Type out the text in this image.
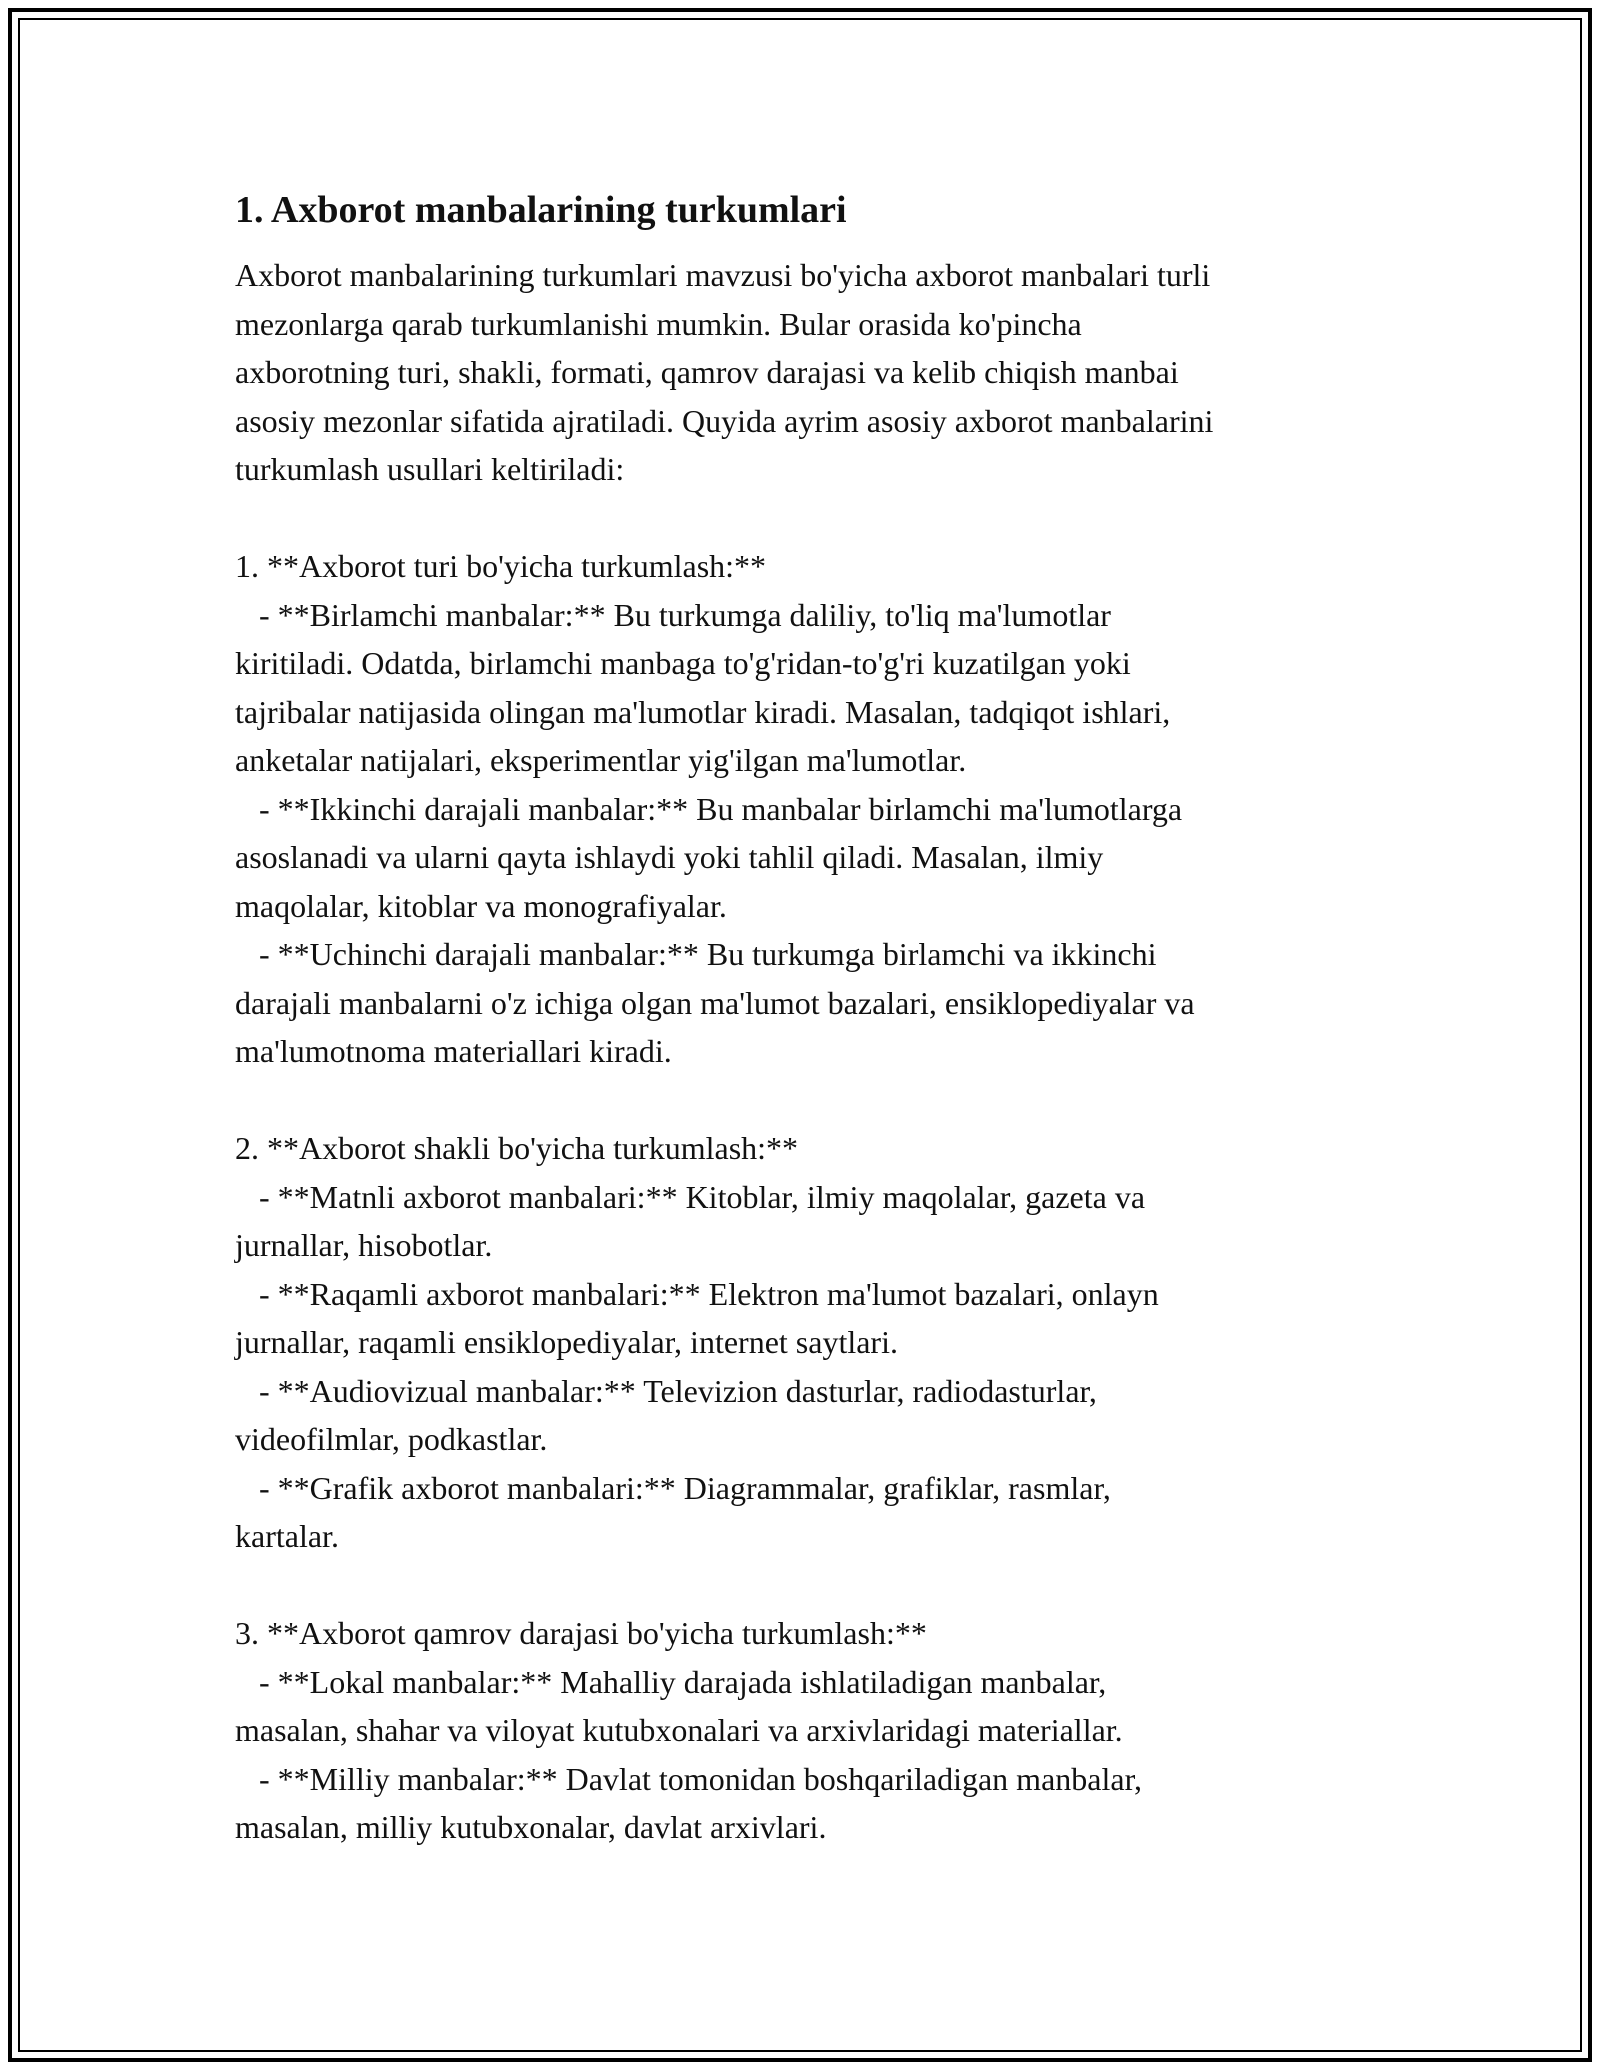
1. Axborot manbalarining turkumlari
Axborot manbalarining turkumlari mavzusi bo'yicha axborot manbalari turli
mezonlarga qarab turkumlanishi mumkin. Bular orasida ko'pincha
axborotning turi, shakli, formati, qamrov darajasi va kelib chiqish manbai
asosiy mezonlar sifatida ajratiladi. Quyida ayrim asosiy axborot manbalarini
turkumlash usullari keltiriladi:
1. **Axborot turi bo'yicha turkumlash:**
- **Birlamchi manbalar:** Bu turkumga daliliy, to'liq ma'lumotlar
kiritiladi. Odatda, birlamchi manbaga to'g'ridan-to'g'ri kuzatilgan yoki
tajribalar natijasida olingan ma'lumotlar kiradi. Masalan, tadqiqot ishlari,
anketalar natijalari, eksperimentlar yig'ilgan ma'lumotlar.
- **Ikkinchi darajali manbalar:** Bu manbalar birlamchi ma'lumotlarga
asoslanadi va ularni qayta ishlaydi yoki tahlil qiladi. Masalan, ilmiy
maqolalar, kitoblar va monografiyalar.
- **Uchinchi darajali manbalar:** Bu turkumga birlamchi va ikkinchi
darajali manbalarni o'z ichiga olgan ma'lumot bazalari, ensiklopediyalar va
ma'lumotnoma materiallari kiradi.
2. **Axborot shakli bo'yicha turkumlash:**
- **Matnli axborot manbalari:** Kitoblar, ilmiy maqolalar, gazeta va
jurnallar, hisobotlar.
- **Raqamli axborot manbalari:** Elektron ma'lumot bazalari, onlayn
jurnallar, raqamli ensiklopediyalar, internet saytlari.
- **Audiovizual manbalar:** Televizion dasturlar, radiodasturlar,
videofilmlar, podkastlar.
- **Grafik axborot manbalari:** Diagrammalar, grafiklar, rasmlar,
kartalar.
3. **Axborot qamrov darajasi bo'yicha turkumlash:**
- **Lokal manbalar:** Mahalliy darajada ishlatiladigan manbalar,
masalan, shahar va viloyat kutubxonalari va arxivlaridagi materiallar.
- **Milliy manbalar:** Davlat tomonidan boshqariladigan manbalar,
masalan, milliy kutubxonalar, davlat arxivlari.
